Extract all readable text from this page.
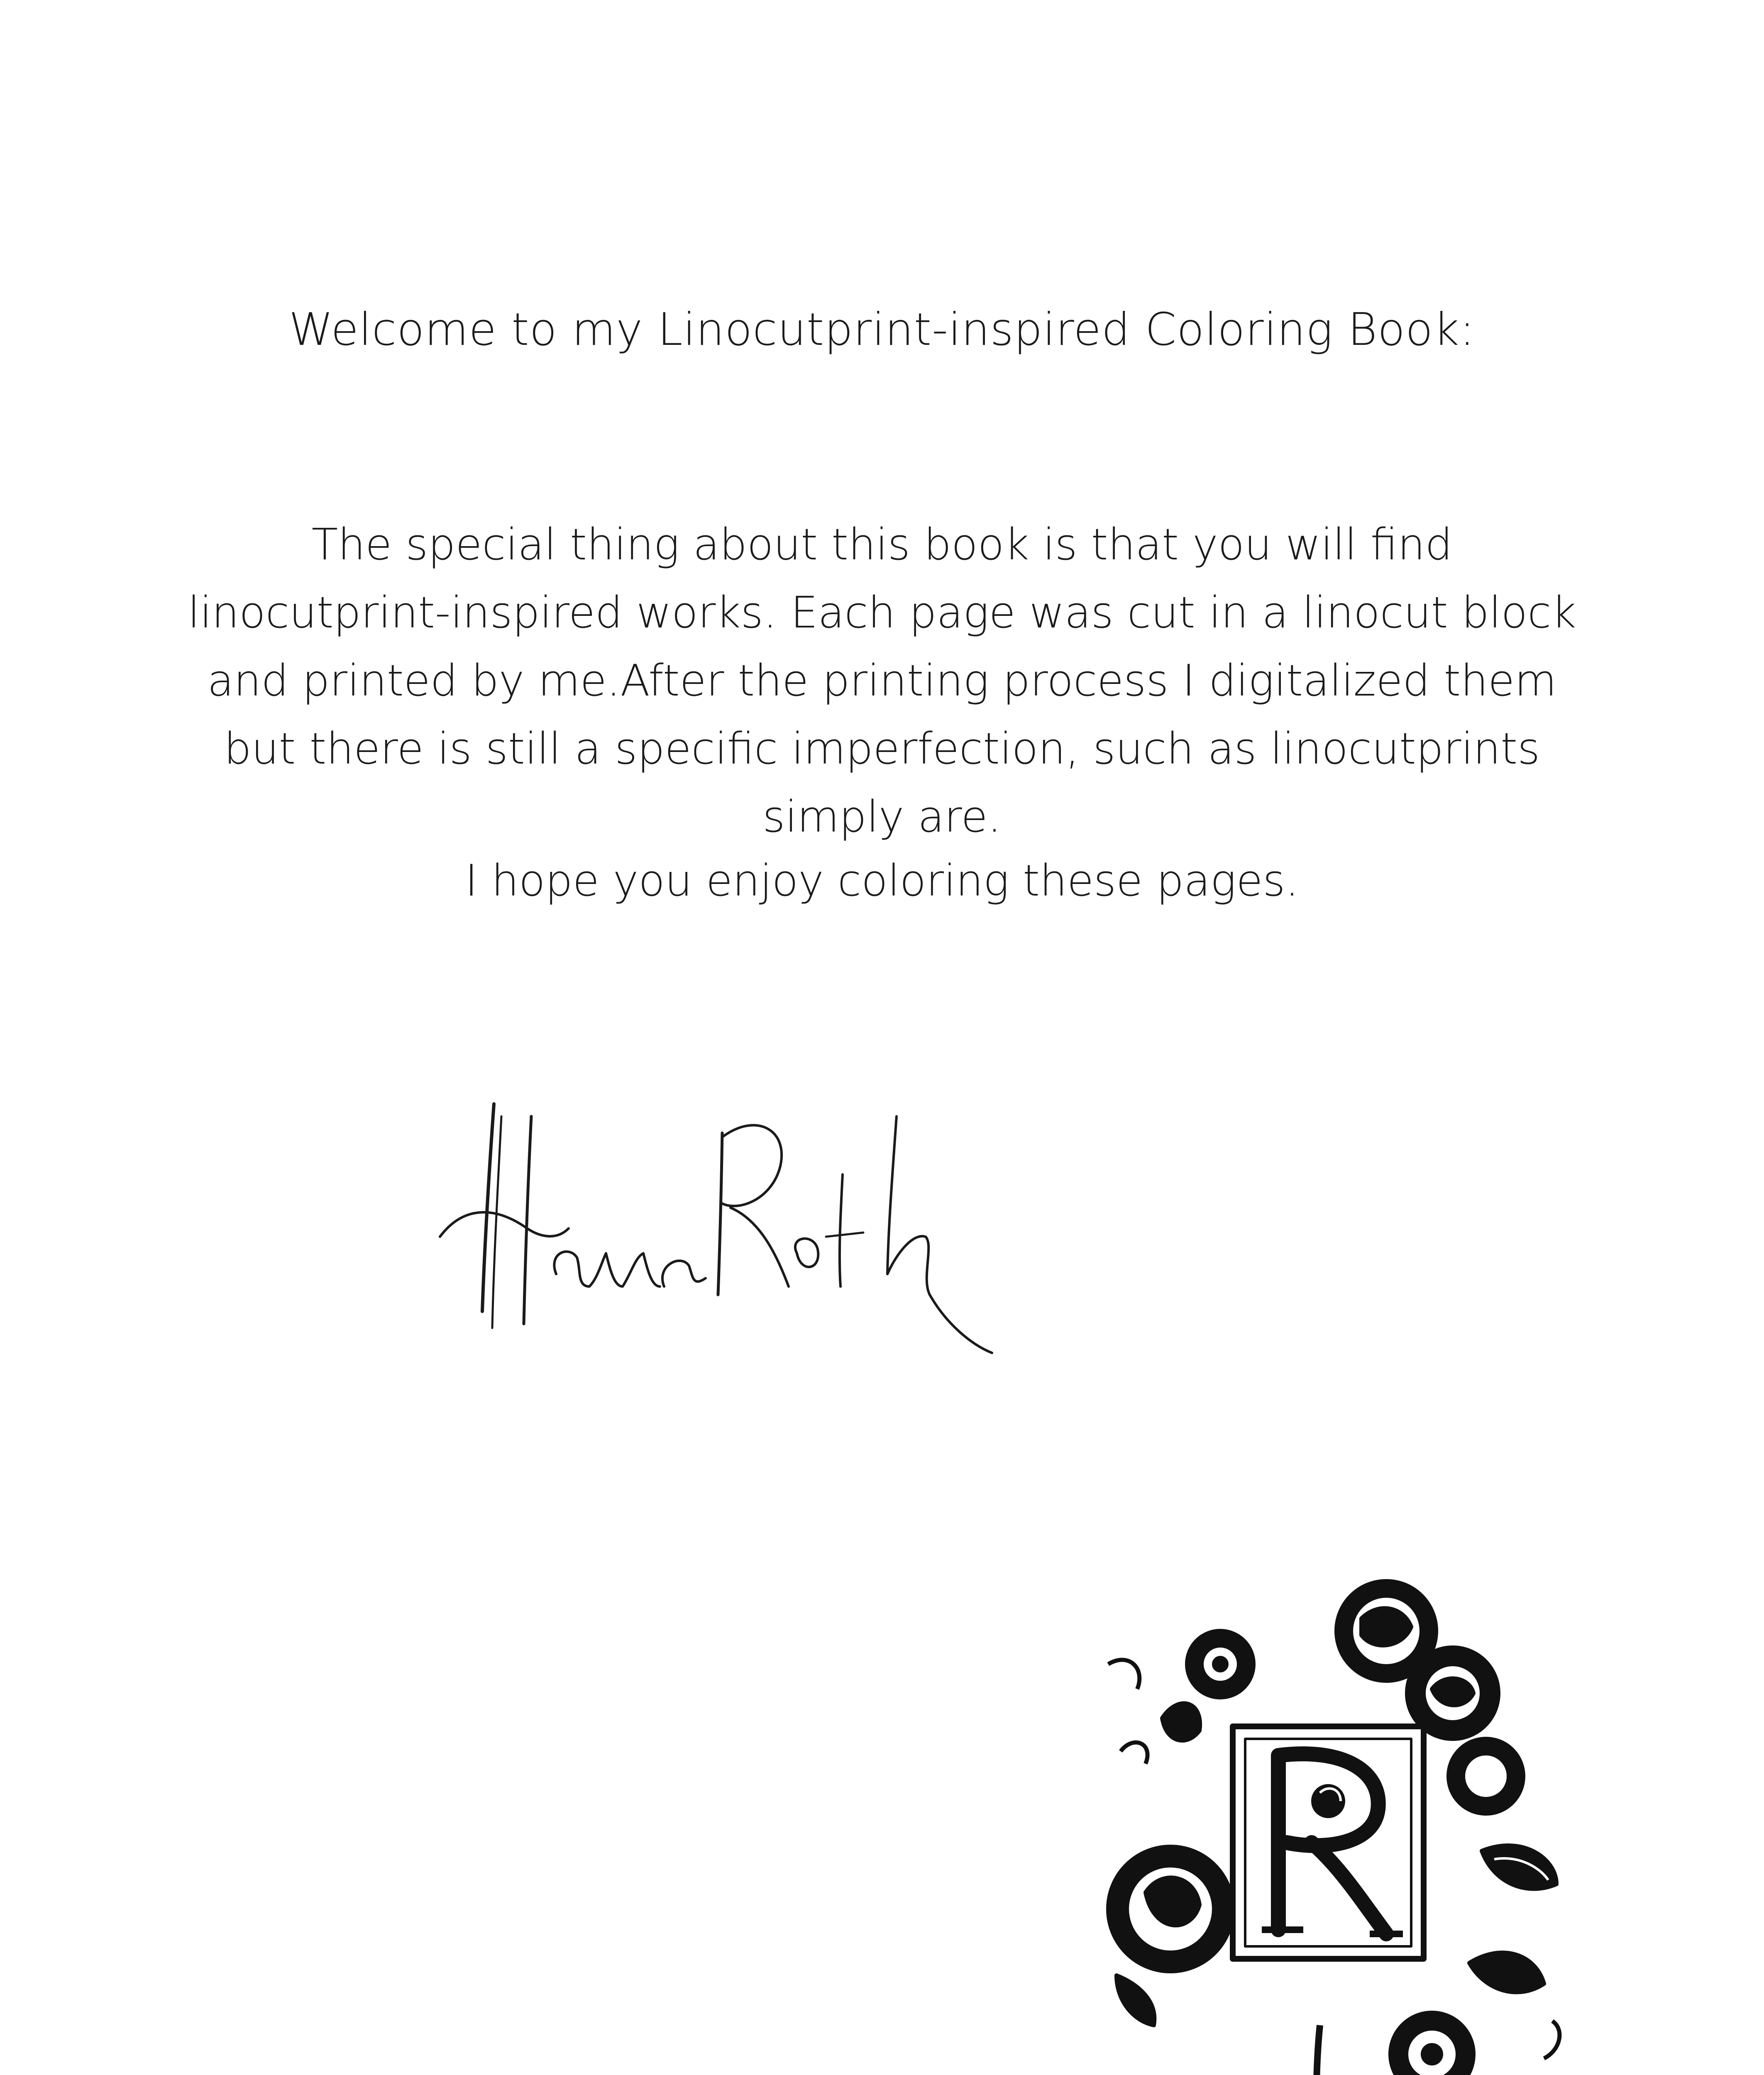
Welcome to my Linocutprint-inspired Coloring Book:

The special thing about this book is that you will find linocutprint-inspired works. Each page was cut in a linocut block and printed by me.After the printing process I digitalized them but there is still a specific imperfection, such as linocutprints simply are.

I hope you enjoy coloring these pages.
